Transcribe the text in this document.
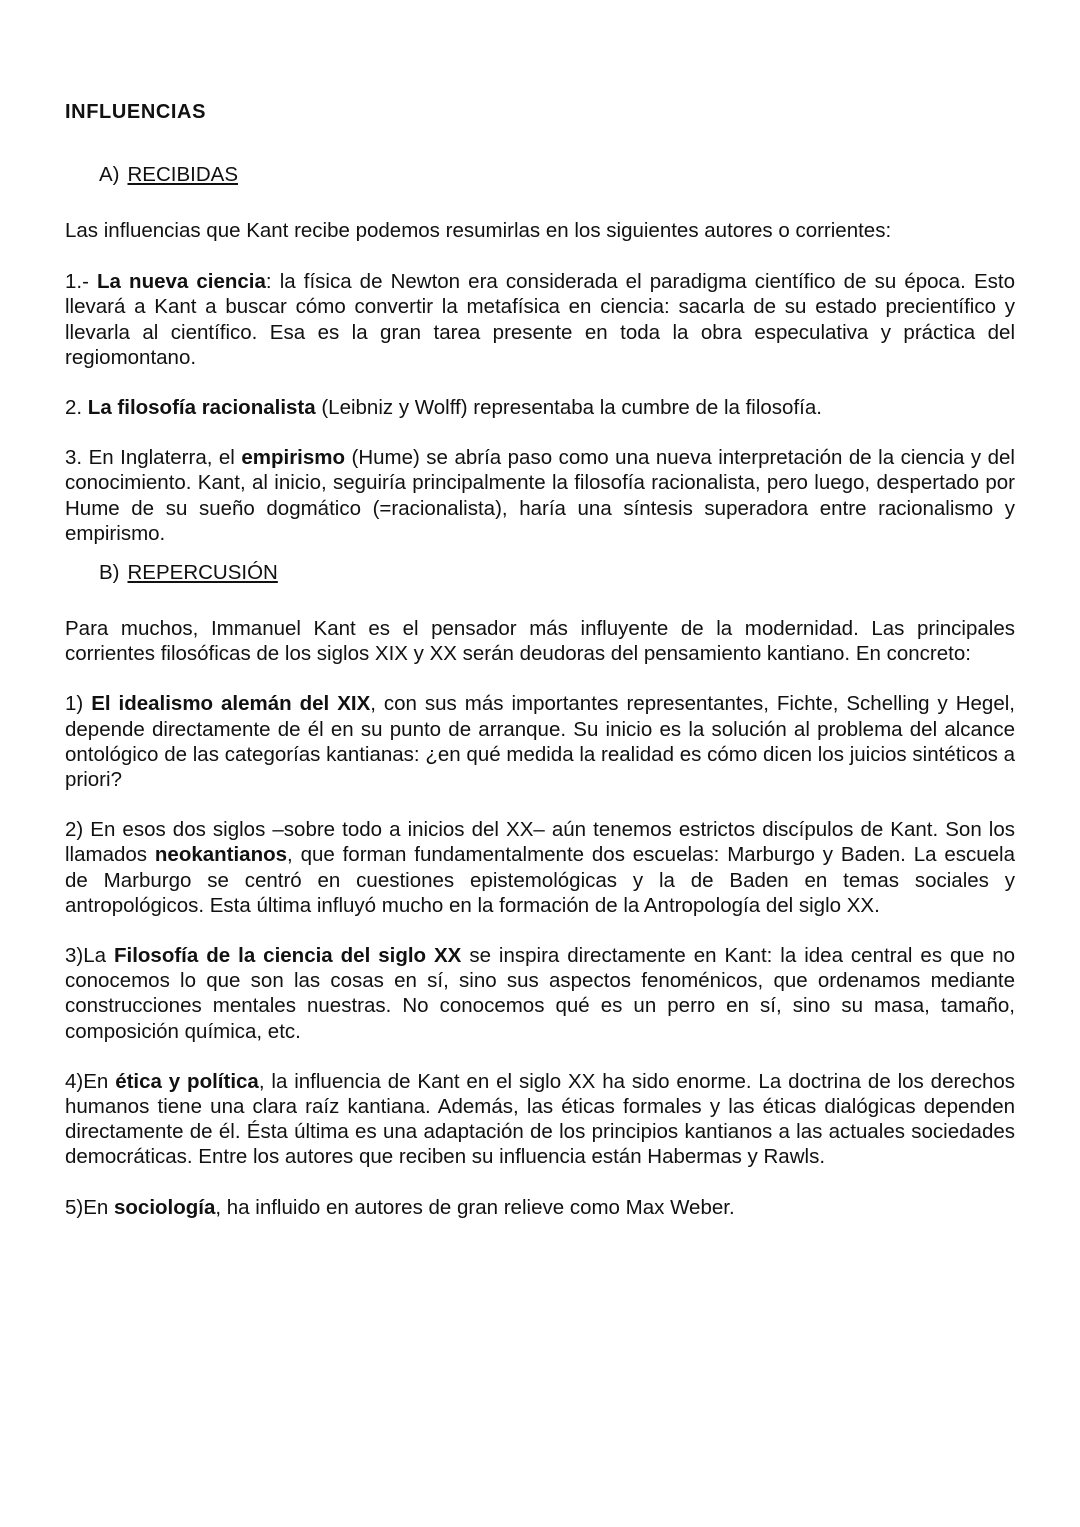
INFLUENCIAS
A) RECIBIDAS

Las influencias que Kant recibe podemos resumirlas en los siguientes autores o corrientes:

1.- La nueva ciencia: la física de Newton era considerada el paradigma científico de su época. Esto llevará a Kant a buscar cómo convertir la metafísica en ciencia: sacarla de su estado precientífico y llevarla al científico. Esa es la gran tarea presente en toda la obra especulativa y práctica del regiomontano.

2. La filosofía racionalista (Leibniz y Wolff) representaba la cumbre de la filosofía.

3. En Inglaterra, el empirismo (Hume) se abría paso como una nueva interpretación de la ciencia y del conocimiento. Kant, al inicio, seguiría principalmente la filosofía racionalista, pero luego, despertado por Hume de su sueño dogmático (=racionalista), haría una síntesis superadora entre racionalismo y empirismo.

B) REPERCUSIÓN

Para muchos, Immanuel Kant es el pensador más influyente de la modernidad. Las principales corrientes filosóficas de los siglos XIX y XX serán deudoras del pensamiento kantiano. En concreto:

1) El idealismo alemán del XIX, con sus más importantes representantes, Fichte, Schelling y Hegel, depende directamente de él en su punto de arranque. Su inicio es la solución al problema del alcance ontológico de las categorías kantianas: ¿en qué medida la realidad es cómo dicen los juicios sintéticos a priori?

2) En esos dos siglos –sobre todo a inicios del XX– aún tenemos estrictos discípulos de Kant. Son los llamados neokantianos, que forman fundamentalmente dos escuelas: Marburgo y Baden. La escuela de Marburgo se centró en cuestiones epistemológicas y la de Baden en temas sociales y antropológicos. Esta última influyó mucho en la formación de la Antropología del siglo XX.

3)La Filosofía de la ciencia del siglo XX se inspira directamente en Kant: la idea central es que no conocemos lo que son las cosas en sí, sino sus aspectos fenoménicos, que ordenamos mediante construcciones mentales nuestras. No conocemos qué es un perro en sí, sino su masa, tamaño, composición química, etc.

4)En ética y política, la influencia de Kant en el siglo XX ha sido enorme. La doctrina de los derechos humanos tiene una clara raíz kantiana. Además, las éticas formales y las éticas dialógicas dependen directamente de él. Ésta última es una adaptación de los principios kantianos a las actuales sociedades democráticas. Entre los autores que reciben su influencia están Habermas y Rawls.

5)En sociología, ha influido en autores de gran relieve como Max Weber.
